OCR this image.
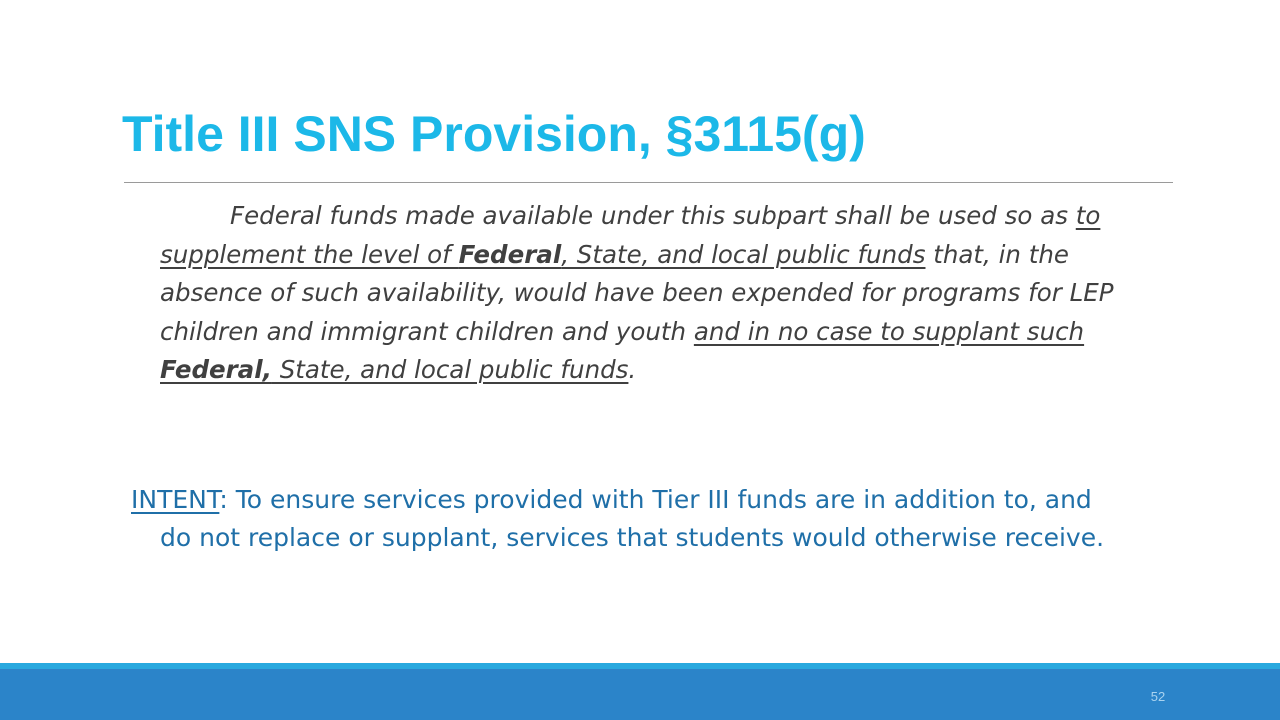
Title III SNS Provision, §3115(g)

Federal funds made available under this subpart shall be used so as to supplement the level of Federal, State, and local public funds that, in the absence of such availability, would have been expended for programs for LEP children and immigrant children and youth and in no case to supplant such Federal, State, and local public funds.

INTENT: To ensure services provided with Tier III funds are in addition to, and do not replace or supplant, services that students would otherwise receive.

52
